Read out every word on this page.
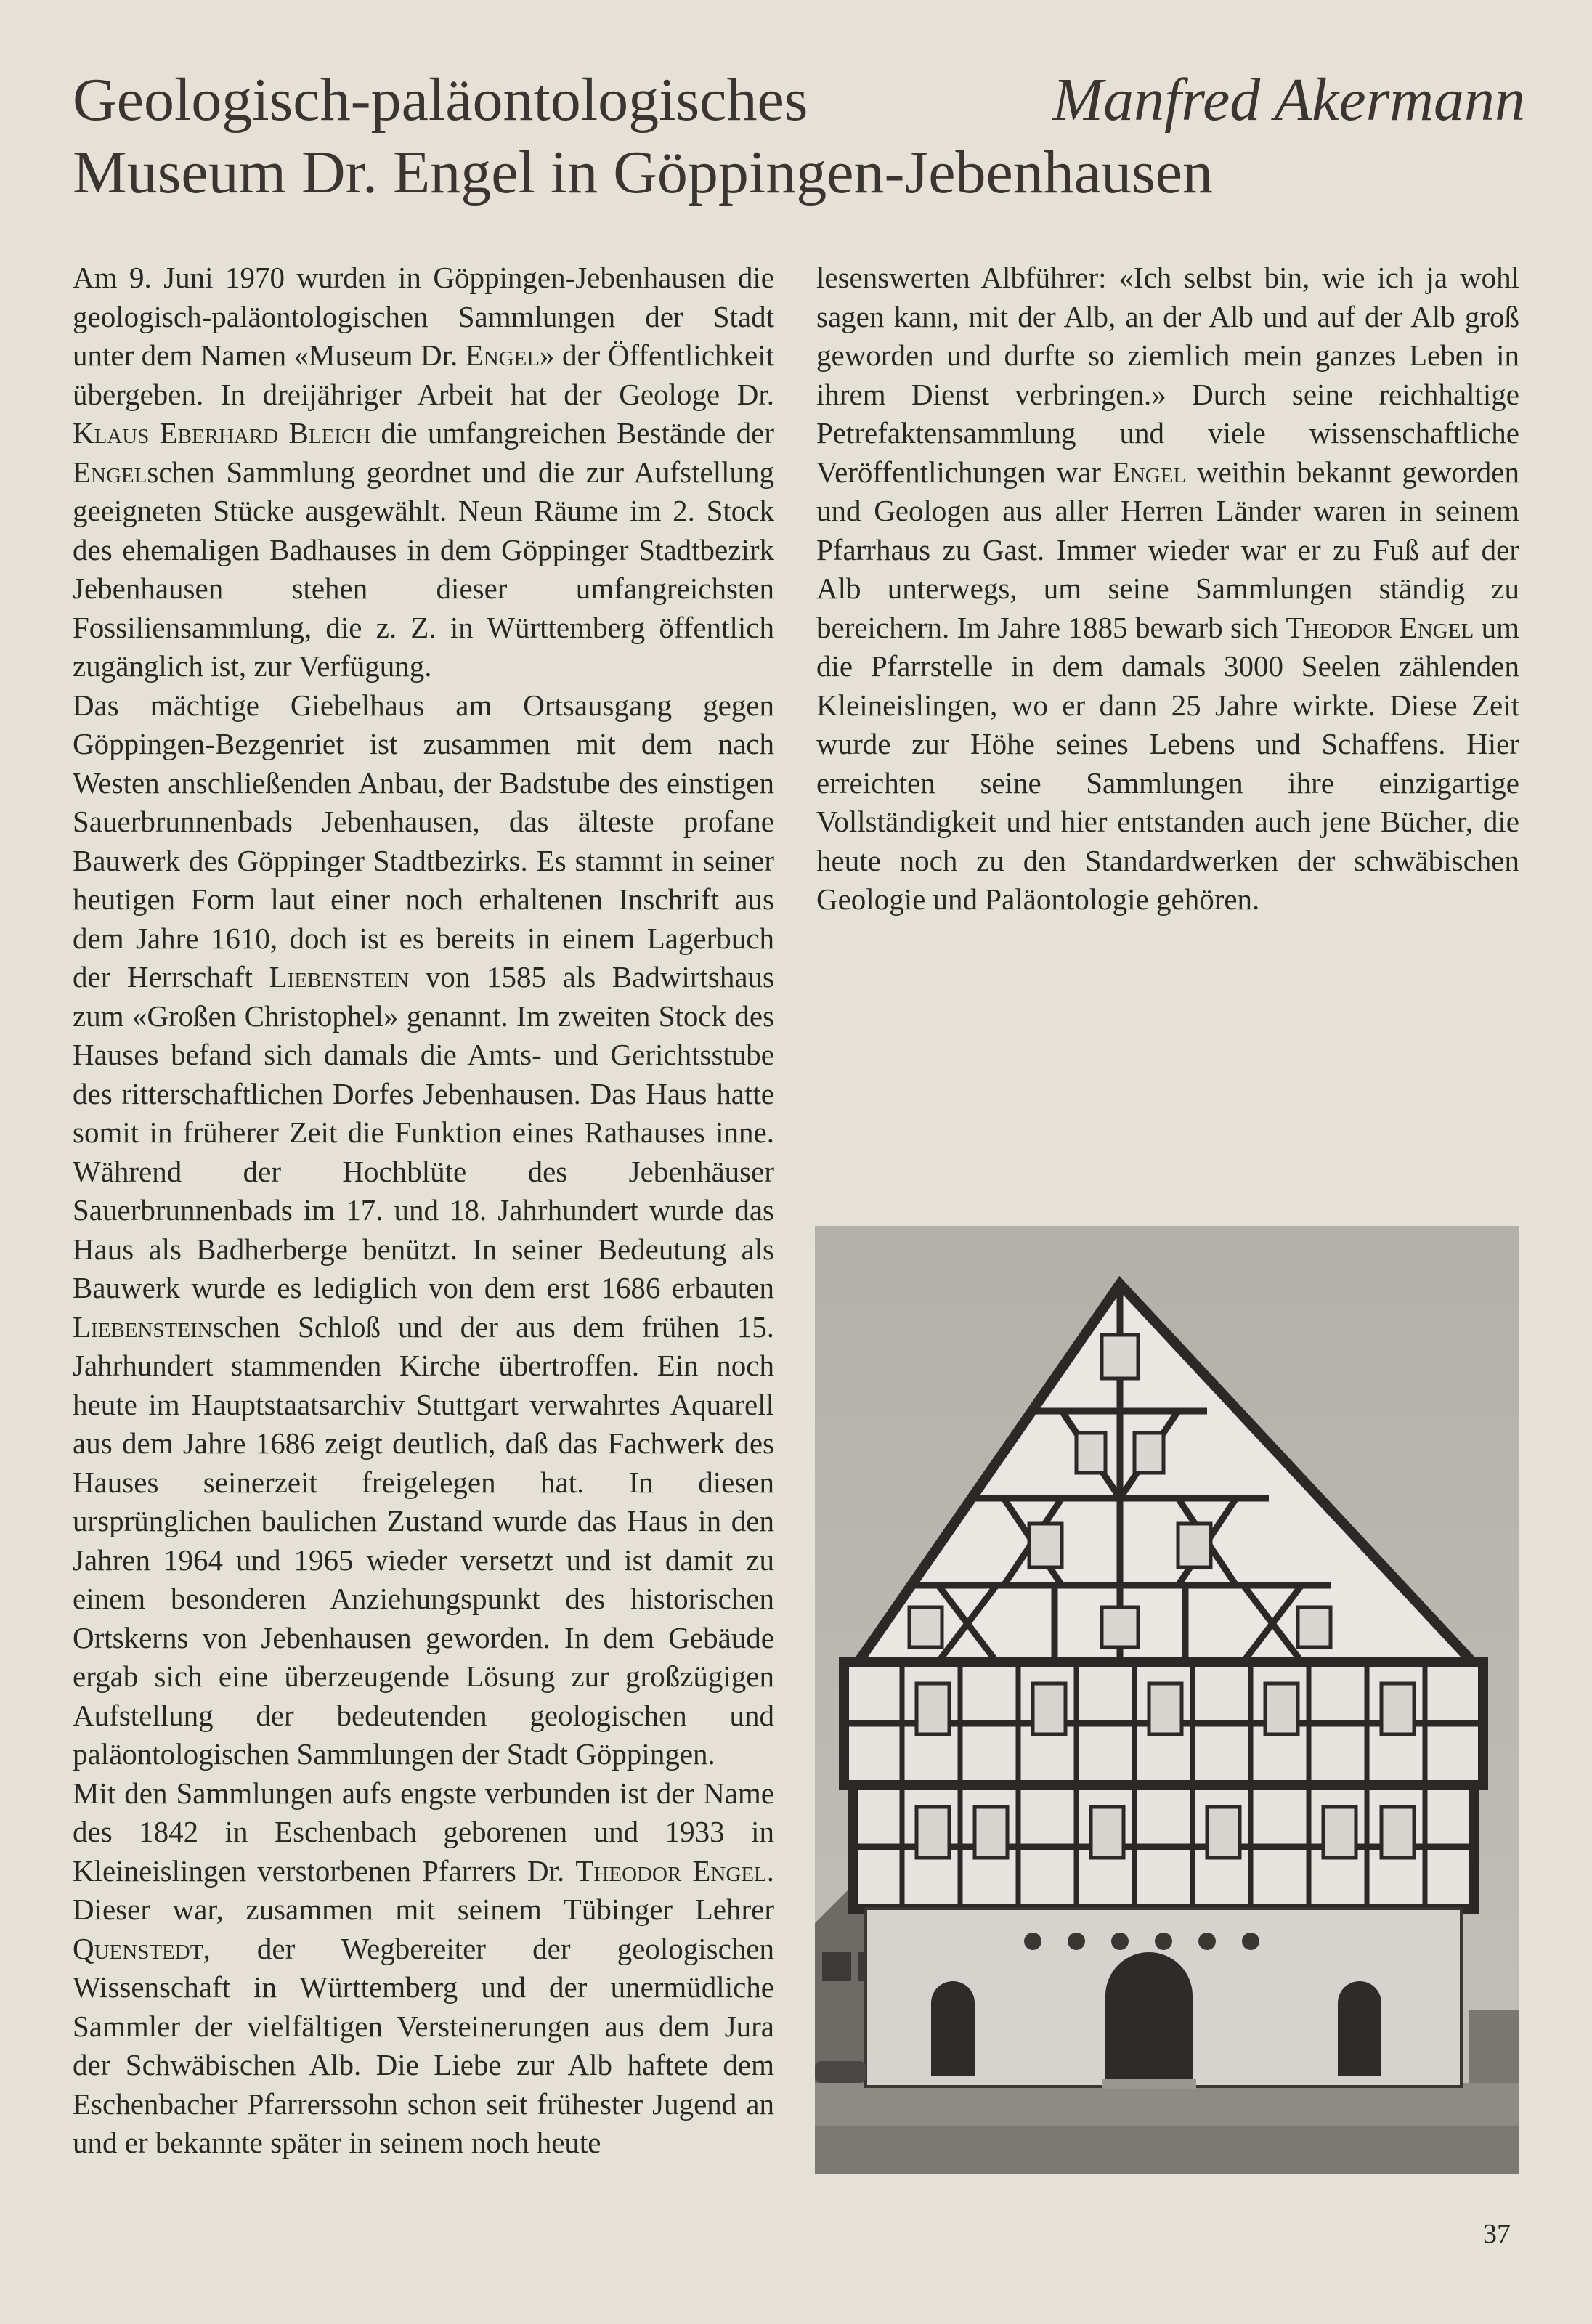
Geologisch-paläontologisches
Museum Dr. Engel in Göppingen-Jebenhausen
Manfred Akermann

Am 9. Juni 1970 wurden in Göppingen-Jebenhausen die geologisch-paläontologischen Sammlungen der Stadt unter dem Namen «Museum Dr. Engel» der Öffentlichkeit übergeben. In dreijähriger Arbeit hat der Geologe Dr. Klaus Eberhard Bleich die umfangreichen Bestände der Engelschen Sammlung geordnet und die zur Aufstellung geeigneten Stücke ausgewählt. Neun Räume im 2. Stock des ehemaligen Badhauses in dem Göppinger Stadtbezirk Jebenhausen stehen dieser umfangreichsten Fossiliensammlung, die z. Z. in Württemberg öffentlich zugänglich ist, zur Verfügung.

Das mächtige Giebelhaus am Ortsausgang gegen Göppingen-Bezgenriet ist zusammen mit dem nach Westen anschließenden Anbau, der Badstube des einstigen Sauerbrunnenbads Jebenhausen, das älteste profane Bauwerk des Göppinger Stadtbezirks. Es stammt in seiner heutigen Form laut einer noch erhaltenen Inschrift aus dem Jahre 1610, doch ist es bereits in einem Lagerbuch der Herrschaft Liebenstein von 1585 als Badwirtshaus zum «Großen Christophel» genannt. Im zweiten Stock des Hauses befand sich damals die Amts- und Gerichtsstube des ritterschaftlichen Dorfes Jebenhausen. Das Haus hatte somit in früherer Zeit die Funktion eines Rathauses inne. Während der Hochblüte des Jebenhäuser Sauerbrunnenbads im 17. und 18. Jahrhundert wurde das Haus als Badherberge benützt. In seiner Bedeutung als Bauwerk wurde es lediglich von dem erst 1686 erbauten Liebensteinschen Schloß und der aus dem frühen 15. Jahrhundert stammenden Kirche übertroffen. Ein noch heute im Hauptstaatsarchiv Stuttgart verwahrtes Aquarell aus dem Jahre 1686 zeigt deutlich, daß das Fachwerk des Hauses seinerzeit freigelegen hat. In diesen ursprünglichen baulichen Zustand wurde das Haus in den Jahren 1964 und 1965 wieder versetzt und ist damit zu einem besonderen Anziehungspunkt des historischen Ortskerns von Jebenhausen geworden. In dem Gebäude ergab sich eine überzeugende Lösung zur großzügigen Aufstellung der bedeutenden geologischen und paläontologischen Sammlungen der Stadt Göppingen.

Mit den Sammlungen aufs engste verbunden ist der Name des 1842 in Eschenbach geborenen und 1933 in Kleineislingen verstorbenen Pfarrers Dr. Theodor Engel. Dieser war, zusammen mit seinem Tübinger Lehrer Quenstedt, der Wegbereiter der geologischen Wissenschaft in Württemberg und der unermüdliche Sammler der vielfältigen Versteinerungen aus dem Jura der Schwäbischen Alb. Die Liebe zur Alb haftete dem Eschenbacher Pfarrerssohn schon seit frühester Jugend an und er bekannte später in seinem noch heute

lesenswerten Albführer: «Ich selbst bin, wie ich ja wohl sagen kann, mit der Alb, an der Alb und auf der Alb groß geworden und durfte so ziemlich mein ganzes Leben in ihrem Dienst verbringen.» Durch seine reichhaltige Petrefaktensammlung und viele wissenschaftliche Veröffentlichungen war Engel weithin bekannt geworden und Geologen aus aller Herren Länder waren in seinem Pfarrhaus zu Gast. Immer wieder war er zu Fuß auf der Alb unterwegs, um seine Sammlungen ständig zu bereichern. Im Jahre 1885 bewarb sich Theodor Engel um die Pfarrstelle in dem damals 3000 Seelen zählenden Kleineislingen, wo er dann 25 Jahre wirkte. Diese Zeit wurde zur Höhe seines Lebens und Schaffens. Hier erreichten seine Sammlungen ihre einzigartige Vollständigkeit und hier entstanden auch jene Bücher, die heute noch zu den Standardwerken der schwäbischen Geologie und Paläontologie gehören.

37
